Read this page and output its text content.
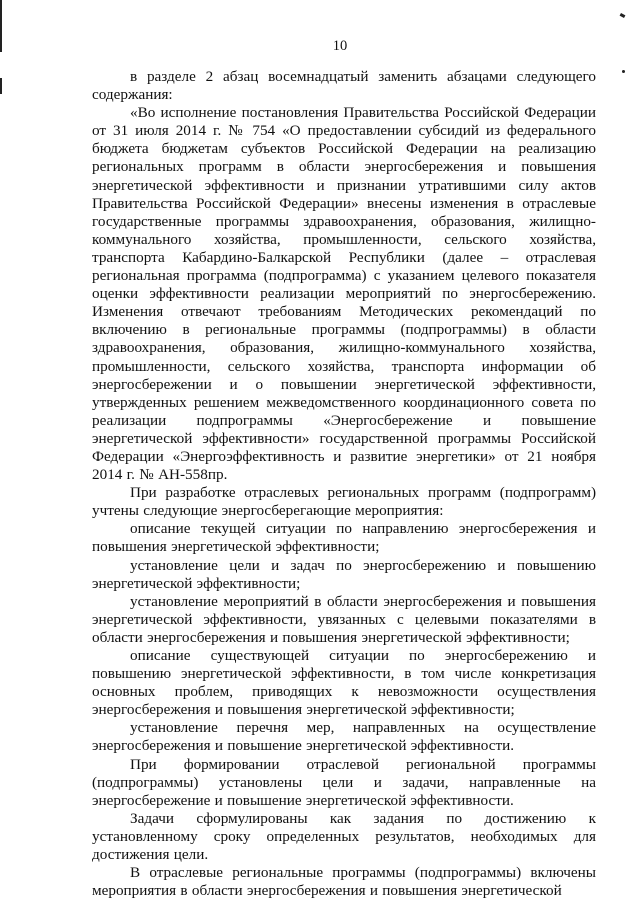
10

в разделе 2 абзац восемнадцатый заменить абзацами следующего содержания:

«Во исполнение постановления Правительства Российской Федерации от 31 июля 2014 г. № 754 «О предоставлении субсидий из федерального бюджета бюджетам субъектов Российской Федерации на реализацию региональных программ в области энергосбережения и повышения энергетической эффективности и признании утратившими силу актов Правительства Российской Федерации» внесены изменения в отраслевые государственные программы здравоохранения, образования, жилищно-коммунального хозяйства, промышленности, сельского хозяйства, транспорта Кабардино-Балкарской Республики (далее – отраслевая региональная программа (подпрограмма) с указанием целевого показателя оценки эффективности реализации мероприятий по энергосбережению. Изменения отвечают требованиям Методических рекомендаций по включению в региональные программы (подпрограммы) в области здравоохранения, образования, жилищно-коммунального хозяйства, промышленности, сельского хозяйства, транспорта информации об энергосбережении и о повышении энергетической эффективности, утвержденных решением межведомственного координационного совета по реализации подпрограммы «Энергосбережение и повышение энергетической эффективности» государственной программы Российской Федерации «Энергоэффективность и развитие энергетики» от 21 ноября 2014 г. № АН-558пр.

При разработке отраслевых региональных программ (подпрограмм) учтены следующие энергосберегающие мероприятия:

описание текущей ситуации по направлению энергосбережения и повышения энергетической эффективности;

установление цели и задач по энергосбережению и повышению энергетической эффективности;

установление мероприятий в области энергосбережения и повышения энергетической эффективности, увязанных с целевыми показателями в области энергосбережения и повышения энергетической эффективности;

описание существующей ситуации по энергосбережению и повышению энергетической эффективности, в том числе конкретизация основных проблем, приводящих к невозможности осуществления энергосбережения и повышения энергетической эффективности;

установление перечня мер, направленных на осуществление энергосбережения и повышение энергетической эффективности.

При формировании отраслевой региональной программы (подпрограммы) установлены цели и задачи, направленные на энергосбережение и повышение энергетической эффективности.

Задачи сформулированы как задания по достижению к установленному сроку определенных результатов, необходимых для достижения цели.

В отраслевые региональные программы (подпрограммы) включены мероприятия в области энергосбережения и повышения энергетической
